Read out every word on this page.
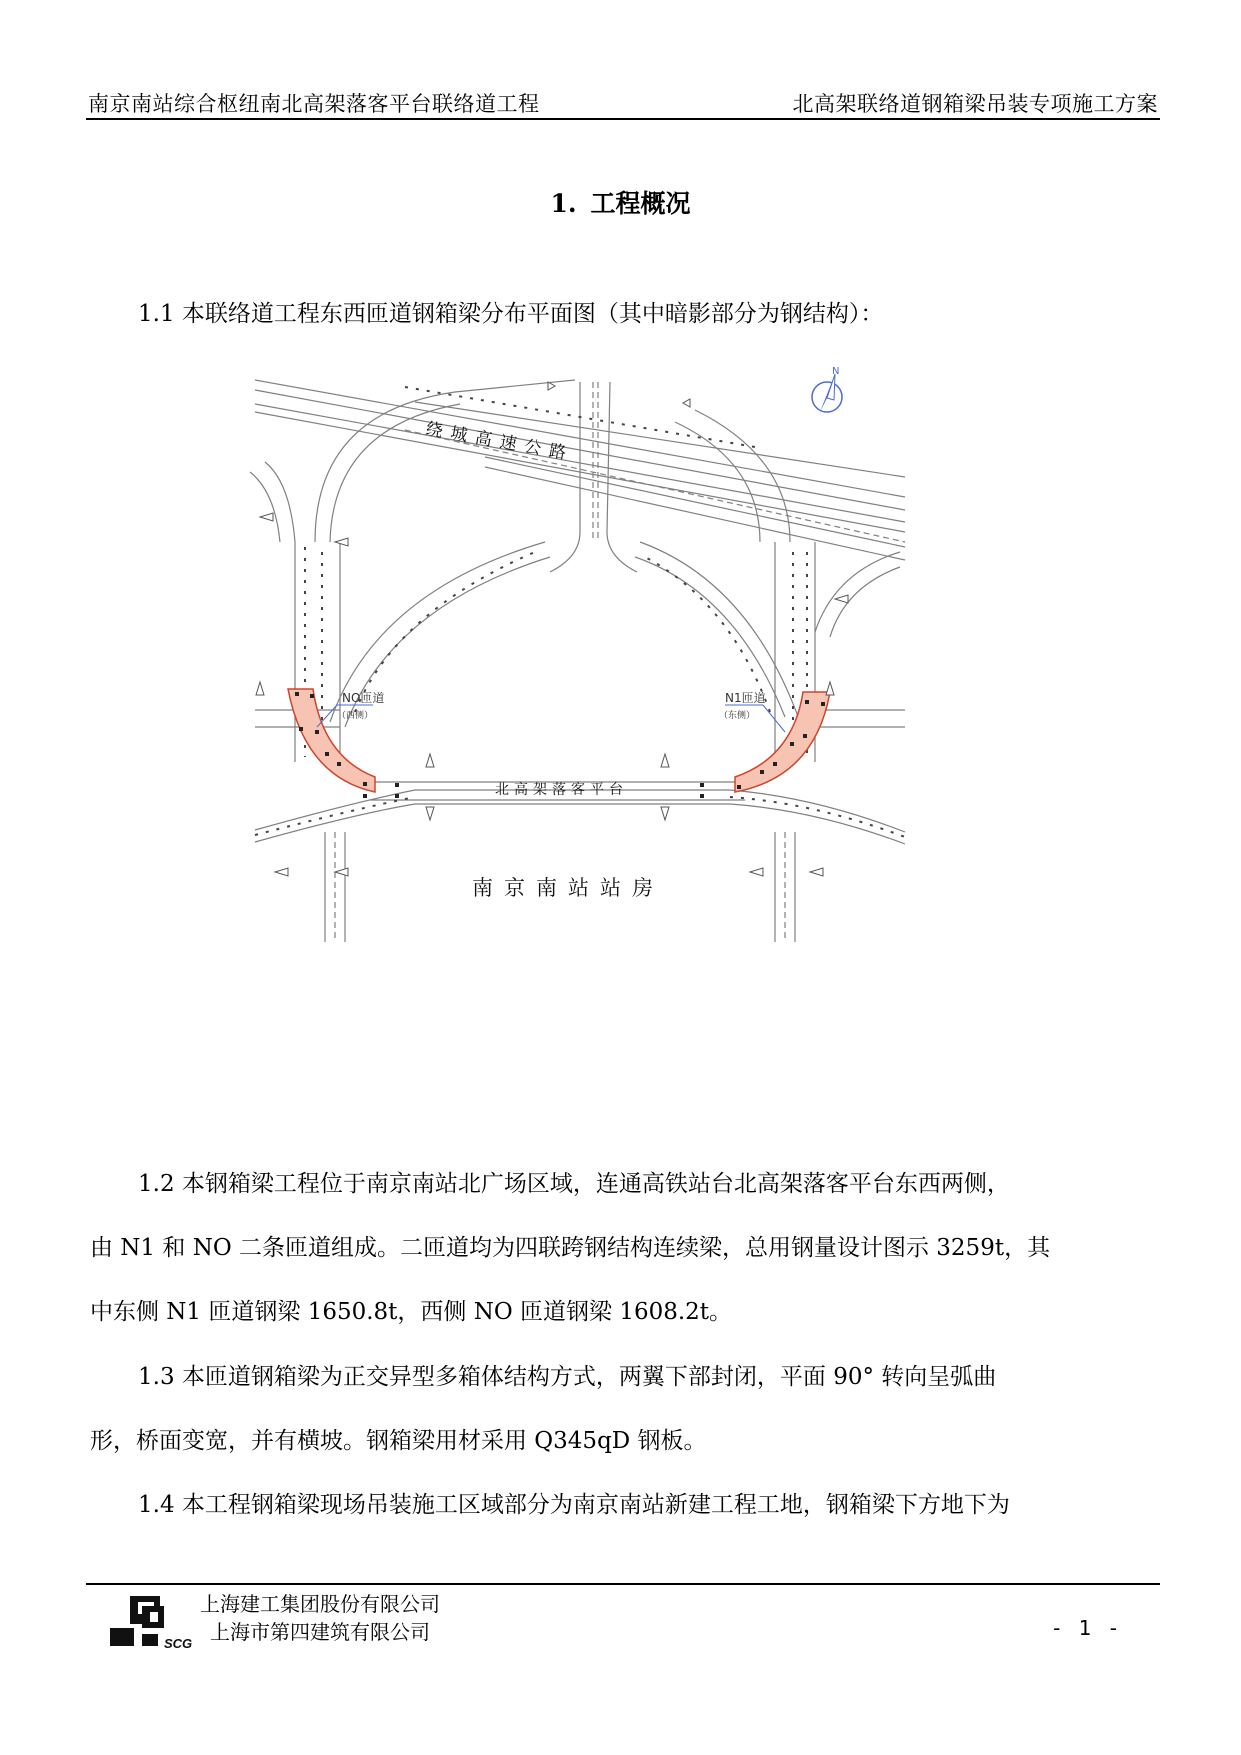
南京南站综合枢纽南北高架落客平台联络道工程	北高架联络道钢箱梁吊装专项施工方案
1. 工程概况
1.1 本联络道工程东西匝道钢箱梁分布平面图（其中暗影部分为钢结构）：
绕城高速公路
北高架落客平台
南京南站站房
NO匝道
（西侧）
N1匝道
（东侧）
N
1.2 本钢箱梁工程位于南京南站北广场区域，连通高铁站台北高架落客平台东西两侧，
由 N1 和 NO 二条匝道组成。二匝道均为四联跨钢结构连续梁，总用钢量设计图示 3259t，其
中东侧 N1 匝道钢梁 1650.8t，西侧 NO 匝道钢梁 1608.2t。
1.3 本匝道钢箱梁为正交异型多箱体结构方式，两翼下部封闭，平面 90° 转向呈弧曲
形，桥面变宽，并有横坡。钢箱梁用材采用 Q345qD 钢板。
1.4 本工程钢箱梁现场吊装施工区域部分为南京南站新建工程工地，钢箱梁下方地下为
SCG
上海建工集团股份有限公司
上海市第四建筑有限公司	- 1 -
